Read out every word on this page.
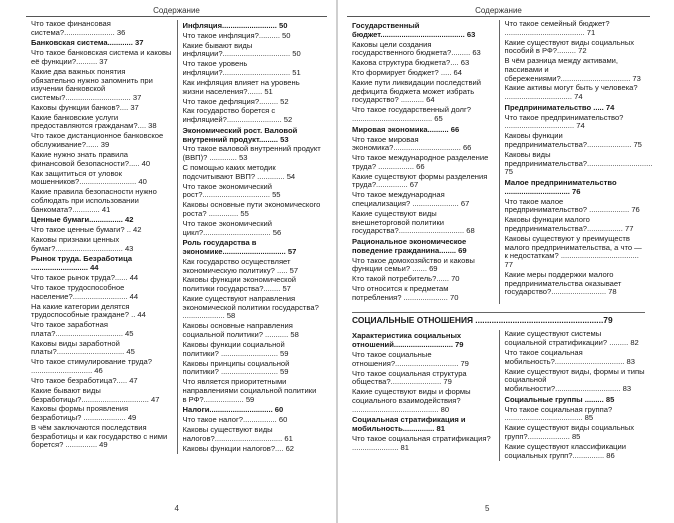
Содержание
Что такое финансовая система?........................ 36
Банковская система............ 37
Что такое банковская система и каковы её функции?.......... 37
Какие два важных понятия обязательно нужно запомнить при изучении банковской системы?............................... 37
Каковы функции банков?.... 37
Какие банковские услуги предоставляются гражданам?.... 38
Что такое дистанционное банковское обслуживание?...... 39
Какие нужно знать правила финансовой безопасности?..... 40
Как защититься от уловок мошенников?........................... 40
Какие правила безопасности нужно соблюдать при использовании банкомата?............. 41
Ценные бумаги................ 42
Что такое ценные бумаги? .. 42
Каковы признаки ценных бумаг?................................ 43
Рынок труда. Безработица ........................... 44
Что такое рынок труда?...... 44
Что такое трудоспособное население?.......................... 44
На какие категории делятся трудоспособные граждане? .. 44
Что такое заработная плата?................................ 45
Каковы виды заработной платы?................................ 45
Что такое стимулирование труда? ............................. 46
Что такое безработица?..... 47
Какие бывают виды безработицы?................................ 47
Каковы формы проявления безработицы? .................... 49
В чём заключаются последствия безработицы и как государство с ними борется? ............... 49
Инфляция.......................... 50
Что такое инфляция?.......... 50
Какие бывают виды инфляции?................................ 50
Что такое уровень инфляции?................................ 51
Как инфляция влияет на уровень жизни населения?....... 51
Что такое дефляция?......... 52
Как государство борется с инфляцией?.......................... 52
Экономический рост. Валовой внутренний продукт......... 53
Что такое валовой внутренний продукт (ВВП)? ............. 53
С помощью каких методик подсчитывают ВВП? ............. 54
Что такое экономический рост?................................ 55
Каковы основные пути экономического роста? .............. 55
Что такое экономический цикл?................................ 56
Роль государства в экономике.............................. 57
Как государство осуществляет экономическую политику? ..... 57
Каковы функции экономической политики государства?........ 57
Какие существуют направления экономической политики государства? .................... 58
Каковы основные направления социальной политики? ........... 58
Каковы функции социальной политики? ........................... 59
Каковы принципы социальной политики? ........................... 59
Что является приоритетными направлениями социальной политики в РФ?................... 59
Налоги.............................. 60
Что такое налог?................ 60
Каковы существуют виды налогов?................................ 61
Каковы функции налогов?.... 62
4
Содержание
Государственный бюджет........................................ 63
Каковы цели создания государственного бюджета?......... 63
Какова структура бюджета?.... 63
Кто формирует бюджет? ..... 64
Какие пути ликвидации последствий дефицита бюджета может избрать государство? ........... 64
Что такое государственный долг? ...................................... 65
Мировая экономика.......... 66
Что такое мировая экономика?................................ 66
Что такое международное разделение труда? ................. 66
Какие существуют формы разделения труда?............... 67
Что такое международная специализация? ...................... 67
Какие существуют виды внешнеторговой политики государства?............................... 68
Рациональное экономическое поведение гражданина........ 69
Что такое домохозяйство и каковы функции семьи? ....... 69
Кто такой потребитель?...... 70
Что относится к предметам потребления? ..................... 70
Что такое семейный бюджет? ...................................... 71
Какие существуют виды социальных пособий в РФ?......... 72
В чём разница между активами, пассивами и сбережениями?................................. 73
Какие активы могут быть у человека? ................................ 74
Предпринимательство ..... 74
Что такое предпринимательство? ................................. 74
Каковы функции предпринимательства?..................... 75
Каковы виды предпринимательства?............................... 75
Малое предпринимательство ............................... 76
Что такое малое предпринимательство? ................... 76
Каковы функции малого предпринимательства?................. 77
Каковы существуют у преимуществ малого предпринимательства, а что — к недостаткам? ..................................... 77
Какие меры поддержки малого предпринимательства оказывает государство?.......................... 78
СОЦИАЛЬНЫЕ ОТНОШЕНИЯ .......................................................79
Характеристика социальных отношений............................ 79
Что такое социальные отношения?.............................. 79
Что такое социальная структура общества?........................ 79
Какие существуют виды и формы социального взаимодействия? ......................................... 80
Социальная стратификация и мобильность............... 81
Что такое социальная стратификация? ...................... 81
Какие существуют системы социальной стратификации? ......... 82
Что такое социальная мобильность?................................. 83
Какие существуют виды, формы и типы социальной мобильности?............................... 83
Социальные группы ......... 85
Что такое социальная группа? ..................................... 85
Какие существуют виды социальных групп?.................... 85
Какие существуют классификации социальных групп?............... 86
5
